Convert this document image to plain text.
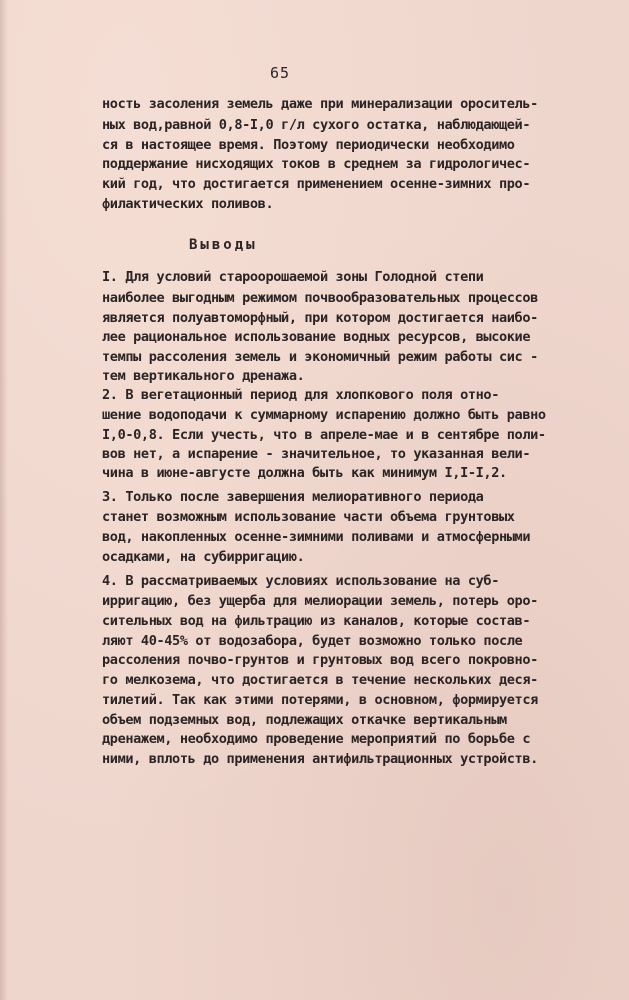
65
ность засоления земель даже при минерализации ороситель-
ных вод,равной 0,8-I,0 г/л сухого остатка, наблюдающей-
ся в настоящее время. Поэтому периодически необходимо
поддержание нисходящих токов в среднем за гидрологичес-
кий год, что достигается применением осенне-зимних про-
филактических поливов.
Выводы
I. Для условий староорошаемой зоны Голодной степи
наиболее выгодным режимом почвообразовательных процессов
является полуавтоморфный, при котором достигается наибо-
лее рациональное использование водных ресурсов, высокие
темпы рассоления земель и экономичный режим работы сис -
тем вертикального дренажа.
2. В вегетационный период для хлопкового поля отно-
шение водоподачи к суммарному испарению должно быть равно
I,0-0,8. Если учесть, что в апреле-мае и в сентябре поли-
вов нет, а испарение - значительное, то указанная вели-
чина в июне-августе должна быть как минимум I,I-I,2.
3. Только после завершения мелиоративного периода
станет возможным использование части объема грунтовых
вод, накопленных осенне-зимними поливами и атмосферными
осадками, на субирригацию.
4. В рассматриваемых условиях использование на суб-
ирригацию, без ущерба для мелиорации земель, потерь оро-
сительных вод на фильтрацию из каналов, которые состав-
ляют 40-45% от водозабора, будет возможно только после
рассоления почво-грунтов и грунтовых вод всего покровно-
го мелкозема, что достигается в течение нескольких деся-
тилетий. Так как этими потерями, в основном, формируется
объем подземных вод, подлежащих откачке вертикальным
дренажем, необходимо проведение мероприятий по борьбе с
ними, вплоть до применения антифильтрационных устройств.
